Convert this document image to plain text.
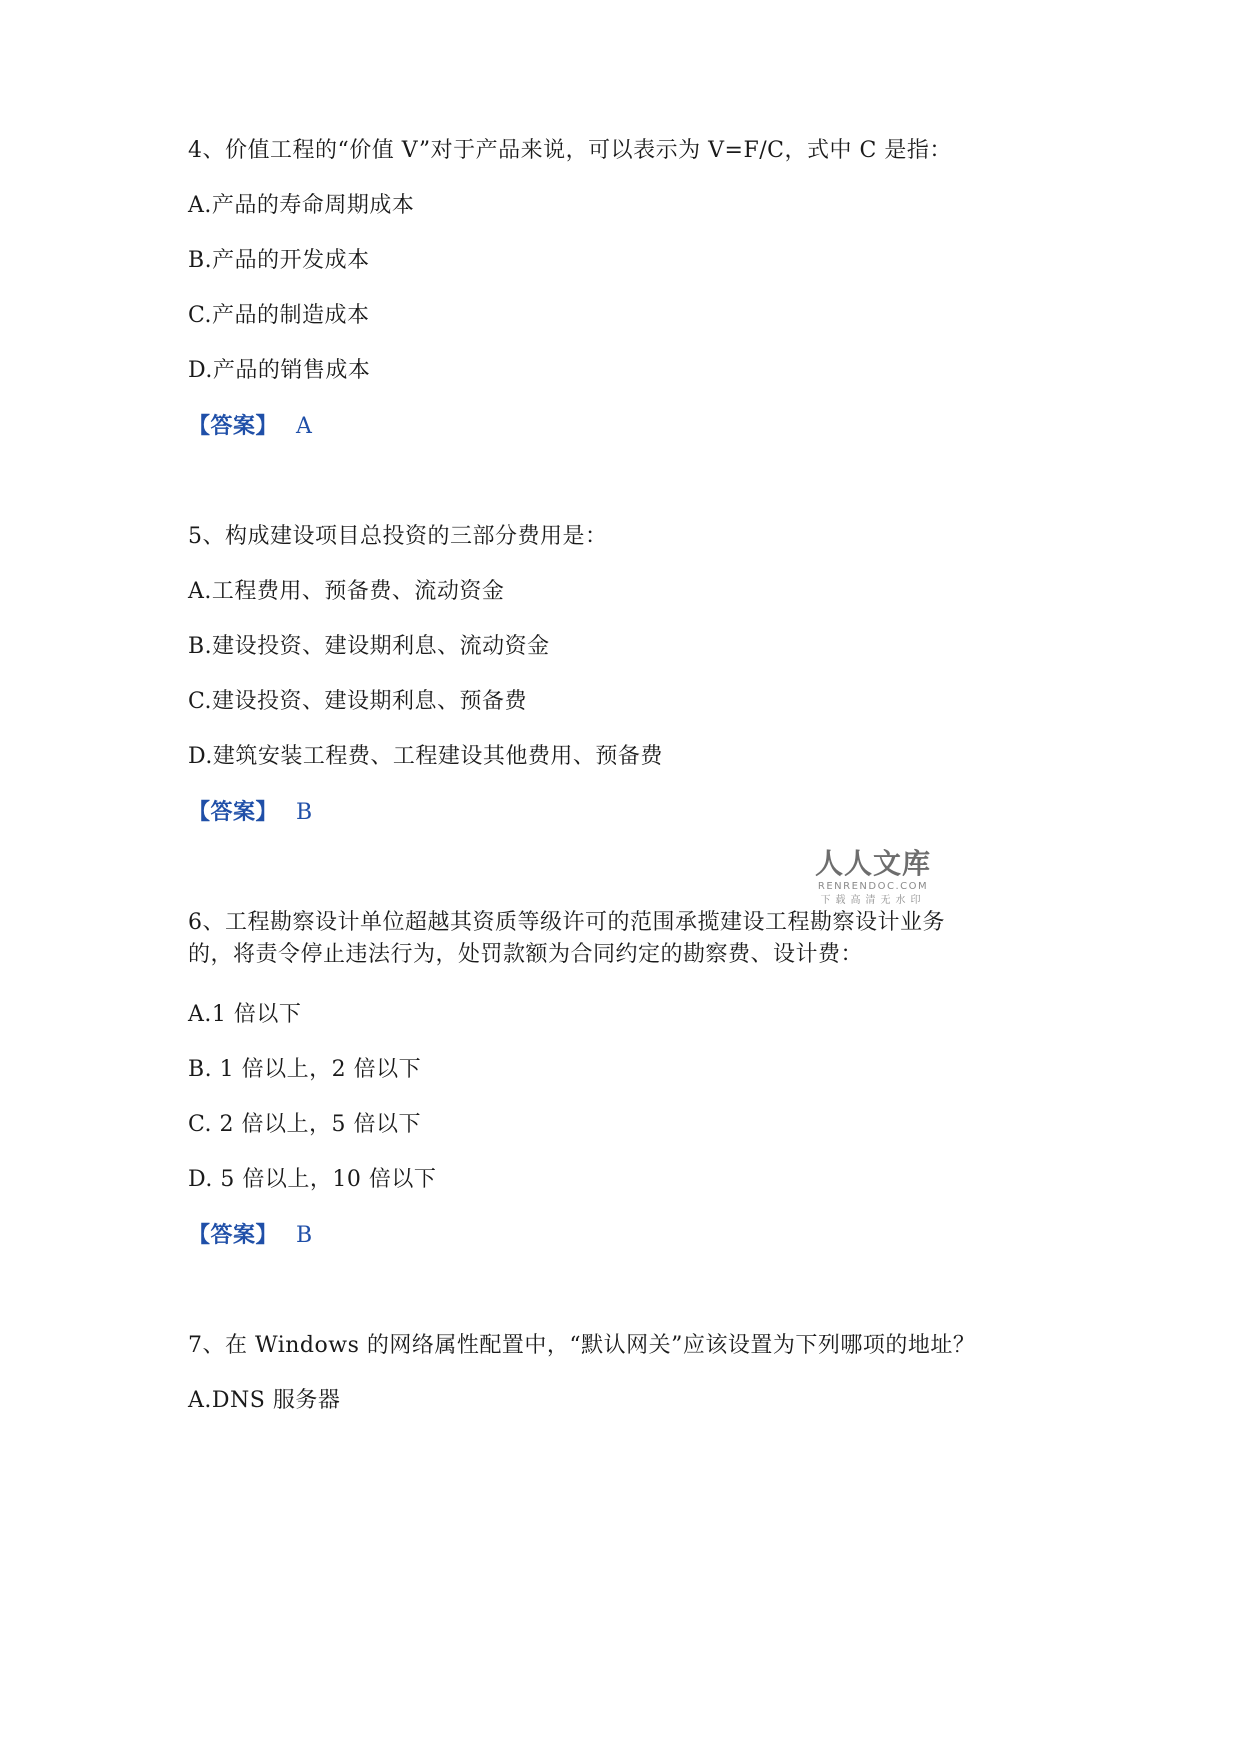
4、价值工程的“价值 V”对于产品来说，可以表示为 V=F/C，式中 C 是指：
A.产品的寿命周期成本
B.产品的开发成本
C.产品的制造成本
D.产品的销售成本
【答案】 A
5、构成建设项目总投资的三部分费用是：
A.工程费用、预备费、流动资金
B.建设投资、建设期利息、流动资金
C.建设投资、建设期利息、预备费
D.建筑安装工程费、工程建设其他费用、预备费
【答案】 B
人人文库
RENRENDOC.COM
下载高清无水印
6、工程勘察设计单位超越其资质等级许可的范围承揽建设工程勘察设计业务
的，将责令停止违法行为，处罚款额为合同约定的勘察费、设计费：
A.1 倍以下
B. 1 倍以上，2 倍以下
C. 2 倍以上，5 倍以下
D. 5 倍以上，10 倍以下
【答案】 B
7、在 Windows 的网络属性配置中，“默认网关”应该设置为下列哪项的地址？
A.DNS 服务器
